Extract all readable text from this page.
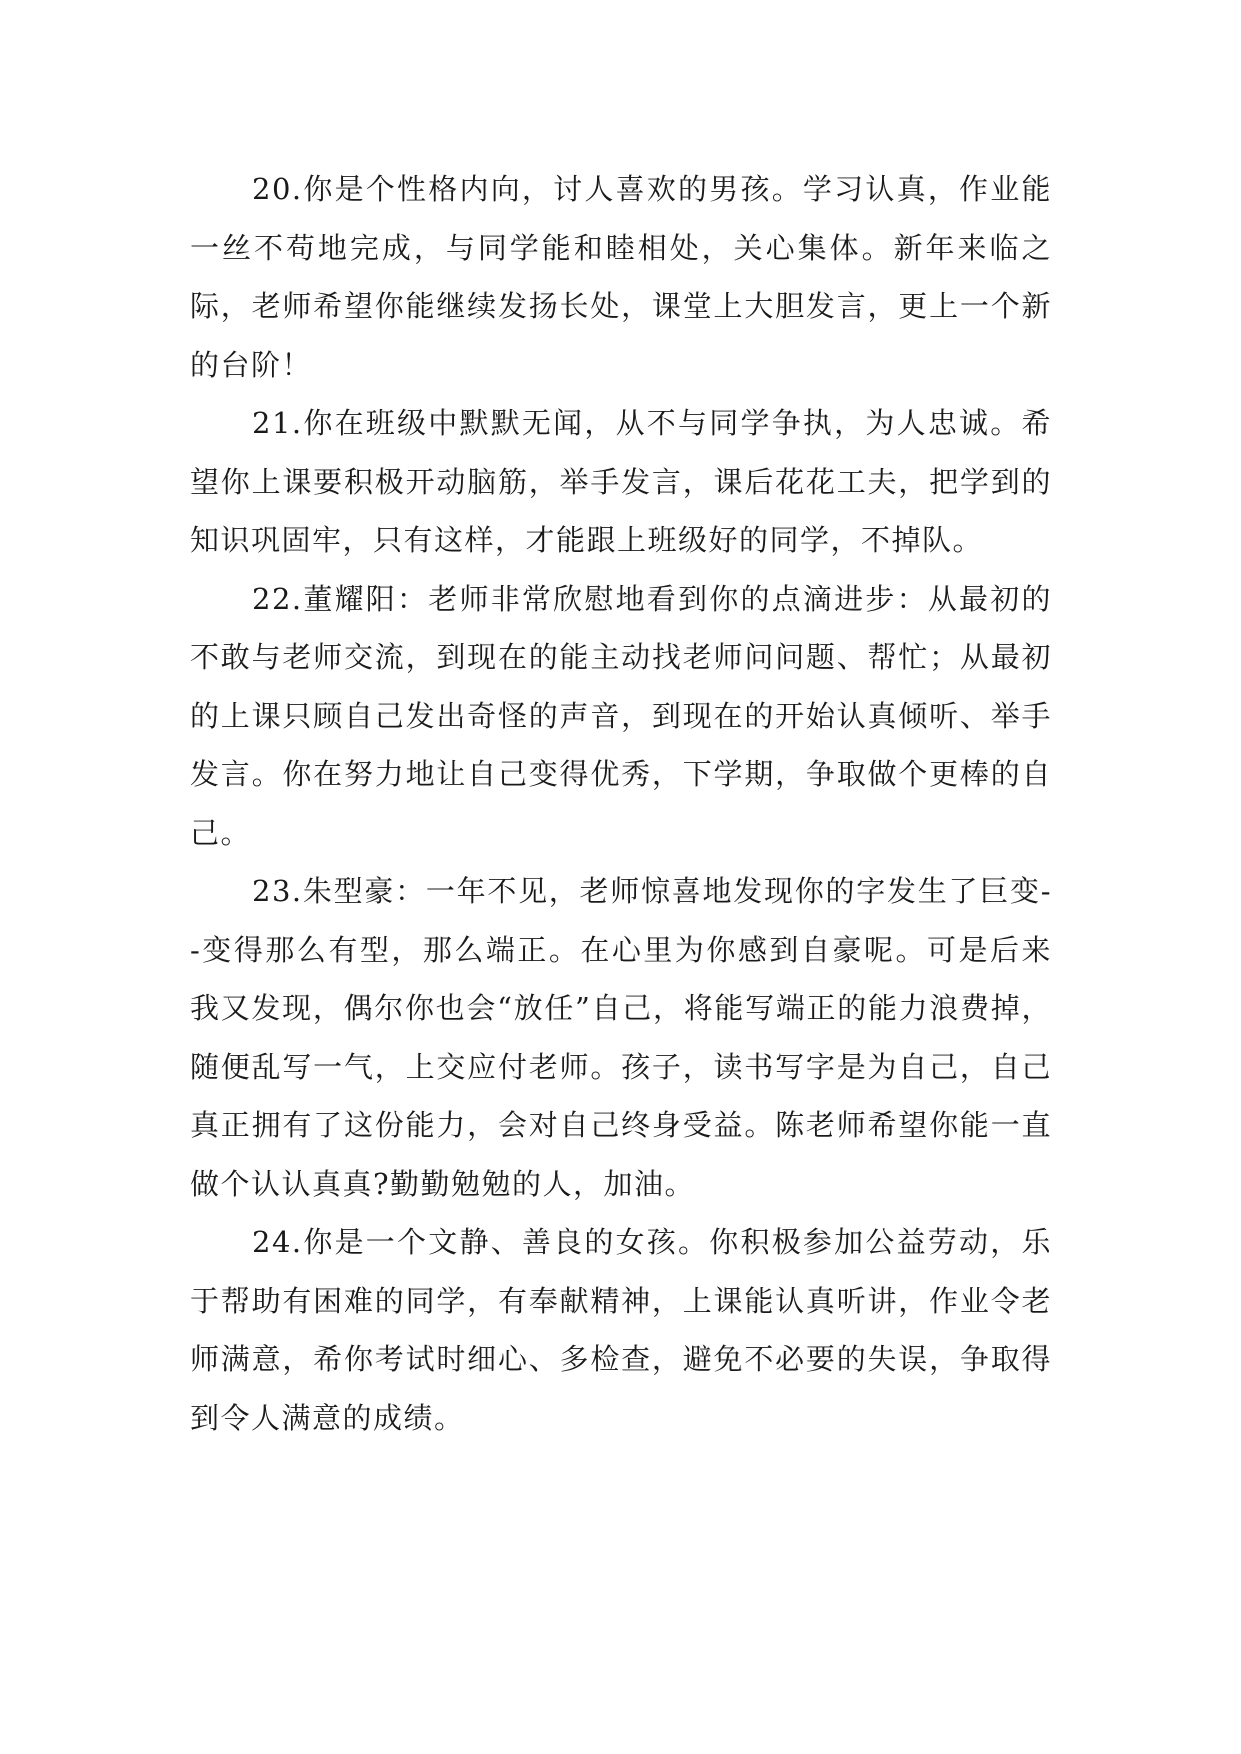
20.你是个性格内向，讨人喜欢的男孩。学习认真，作业能一丝不苟地完成，与同学能和睦相处，关心集体。新年来临之际，老师希望你能继续发扬长处，课堂上大胆发言，更上一个新的台阶！

21.你在班级中默默无闻，从不与同学争执，为人忠诚。希望你上课要积极开动脑筋，举手发言，课后花花工夫，把学到的知识巩固牢，只有这样，才能跟上班级好的同学，不掉队。

22.董耀阳：老师非常欣慰地看到你的点滴进步：从最初的不敢与老师交流，到现在的能主动找老师问问题、帮忙；从最初的上课只顾自己发出奇怪的声音，到现在的开始认真倾听、举手发言。你在努力地让自己变得优秀，下学期，争取做个更棒的自己。

23.朱型豪：一年不见，老师惊喜地发现你的字发生了巨变--变得那么有型，那么端正。在心里为你感到自豪呢。可是后来我又发现，偶尔你也会“放任”自己，将能写端正的能力浪费掉，随便乱写一气，上交应付老师。孩子，读书写字是为自己，自己真正拥有了这份能力，会对自己终身受益。陈老师希望你能一直做个认认真真?勤勤勉勉的人，加油。

24.你是一个文静、善良的女孩。你积极参加公益劳动，乐于帮助有困难的同学，有奉献精神，上课能认真听讲，作业令老师满意，希你考试时细心、多检查，避免不必要的失误，争取得到令人满意的成绩。
